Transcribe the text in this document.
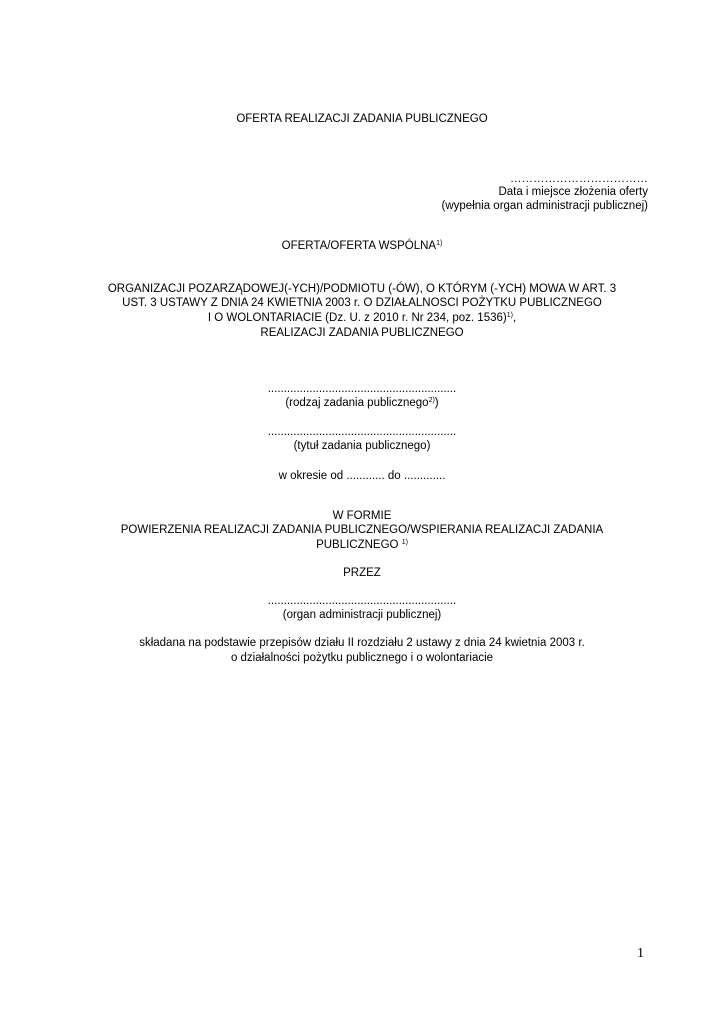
OFERTA REALIZACJI ZADANIA PUBLICZNEGO
………………………………
Data i miejsce złożenia oferty
(wypełnia organ administracji publicznej)
OFERTA/OFERTA WSPÓLNA$^{1)}$
ORGANIZACJI POZARZĄDOWEJ(-YCH)/PODMIOTU (-ÓW), O KTÓRYM (-YCH) MOWA W ART. 3
UST. 3 USTAWY Z DNIA 24 KWIETNIA 2003 r. O DZIAŁALNOSCI POŻYTKU PUBLICZNEGO
I O WOLONTARIACIE (Dz. U. z 2010 r. Nr 234, poz. 1536)$^{1)}$,
REALIZACJI ZADANIA PUBLICZNEGO
...........................................................
(rodzaj zadania publicznego$^{2)}$)
...........................................................
(tytuł zadania publicznego)
w okresie od ............ do .............
W FORMIE
POWIERZENIA REALIZACJI ZADANIA PUBLICZNEGO/WSPIERANIA REALIZACJI ZADANIA
PUBLICZNEGO $^{1)}$
PRZEZ
...........................................................
(organ administracji publicznej)
składana na podstawie przepisów działu II rozdziału 2 ustawy z dnia 24 kwietnia 2003 r.
o działalności pożytku publicznego i o wolontariacie
1
